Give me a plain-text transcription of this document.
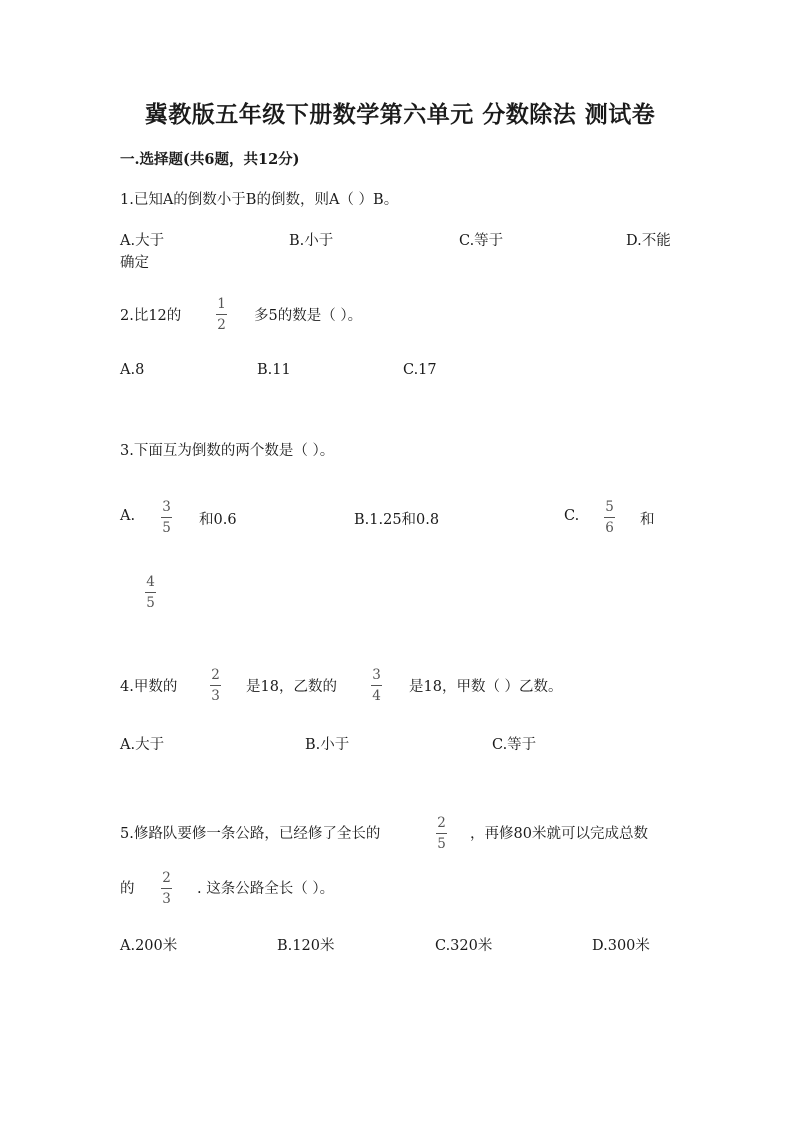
冀教版五年级下册数学第六单元 分数除法 测试卷
一.选择题(共6题，共12分)
1.已知A的倒数小于B的倒数，则A（ ）B。
A.大于	B.小于	C.等于	D.不能
确定
2.比12的
1
2
多5的数是（ ）。
A.8	B.11	C.17
3.下面互为倒数的两个数是（ ）。
A.
3
5 和0.6	B.1.25和0.8	C.
5
6 和
4
5
4.甲数的
2
3
是18，乙数的
3
4
是18，甲数（ ）乙数。
A.大于	B.小于	C.等于
5.修路队要修一条公路，已经修了全长的
2
5
，再修80米就可以完成总数
的
2
3
. 这条公路全长（ ）。
A.200米	B.120米	C.320米	D.300米
